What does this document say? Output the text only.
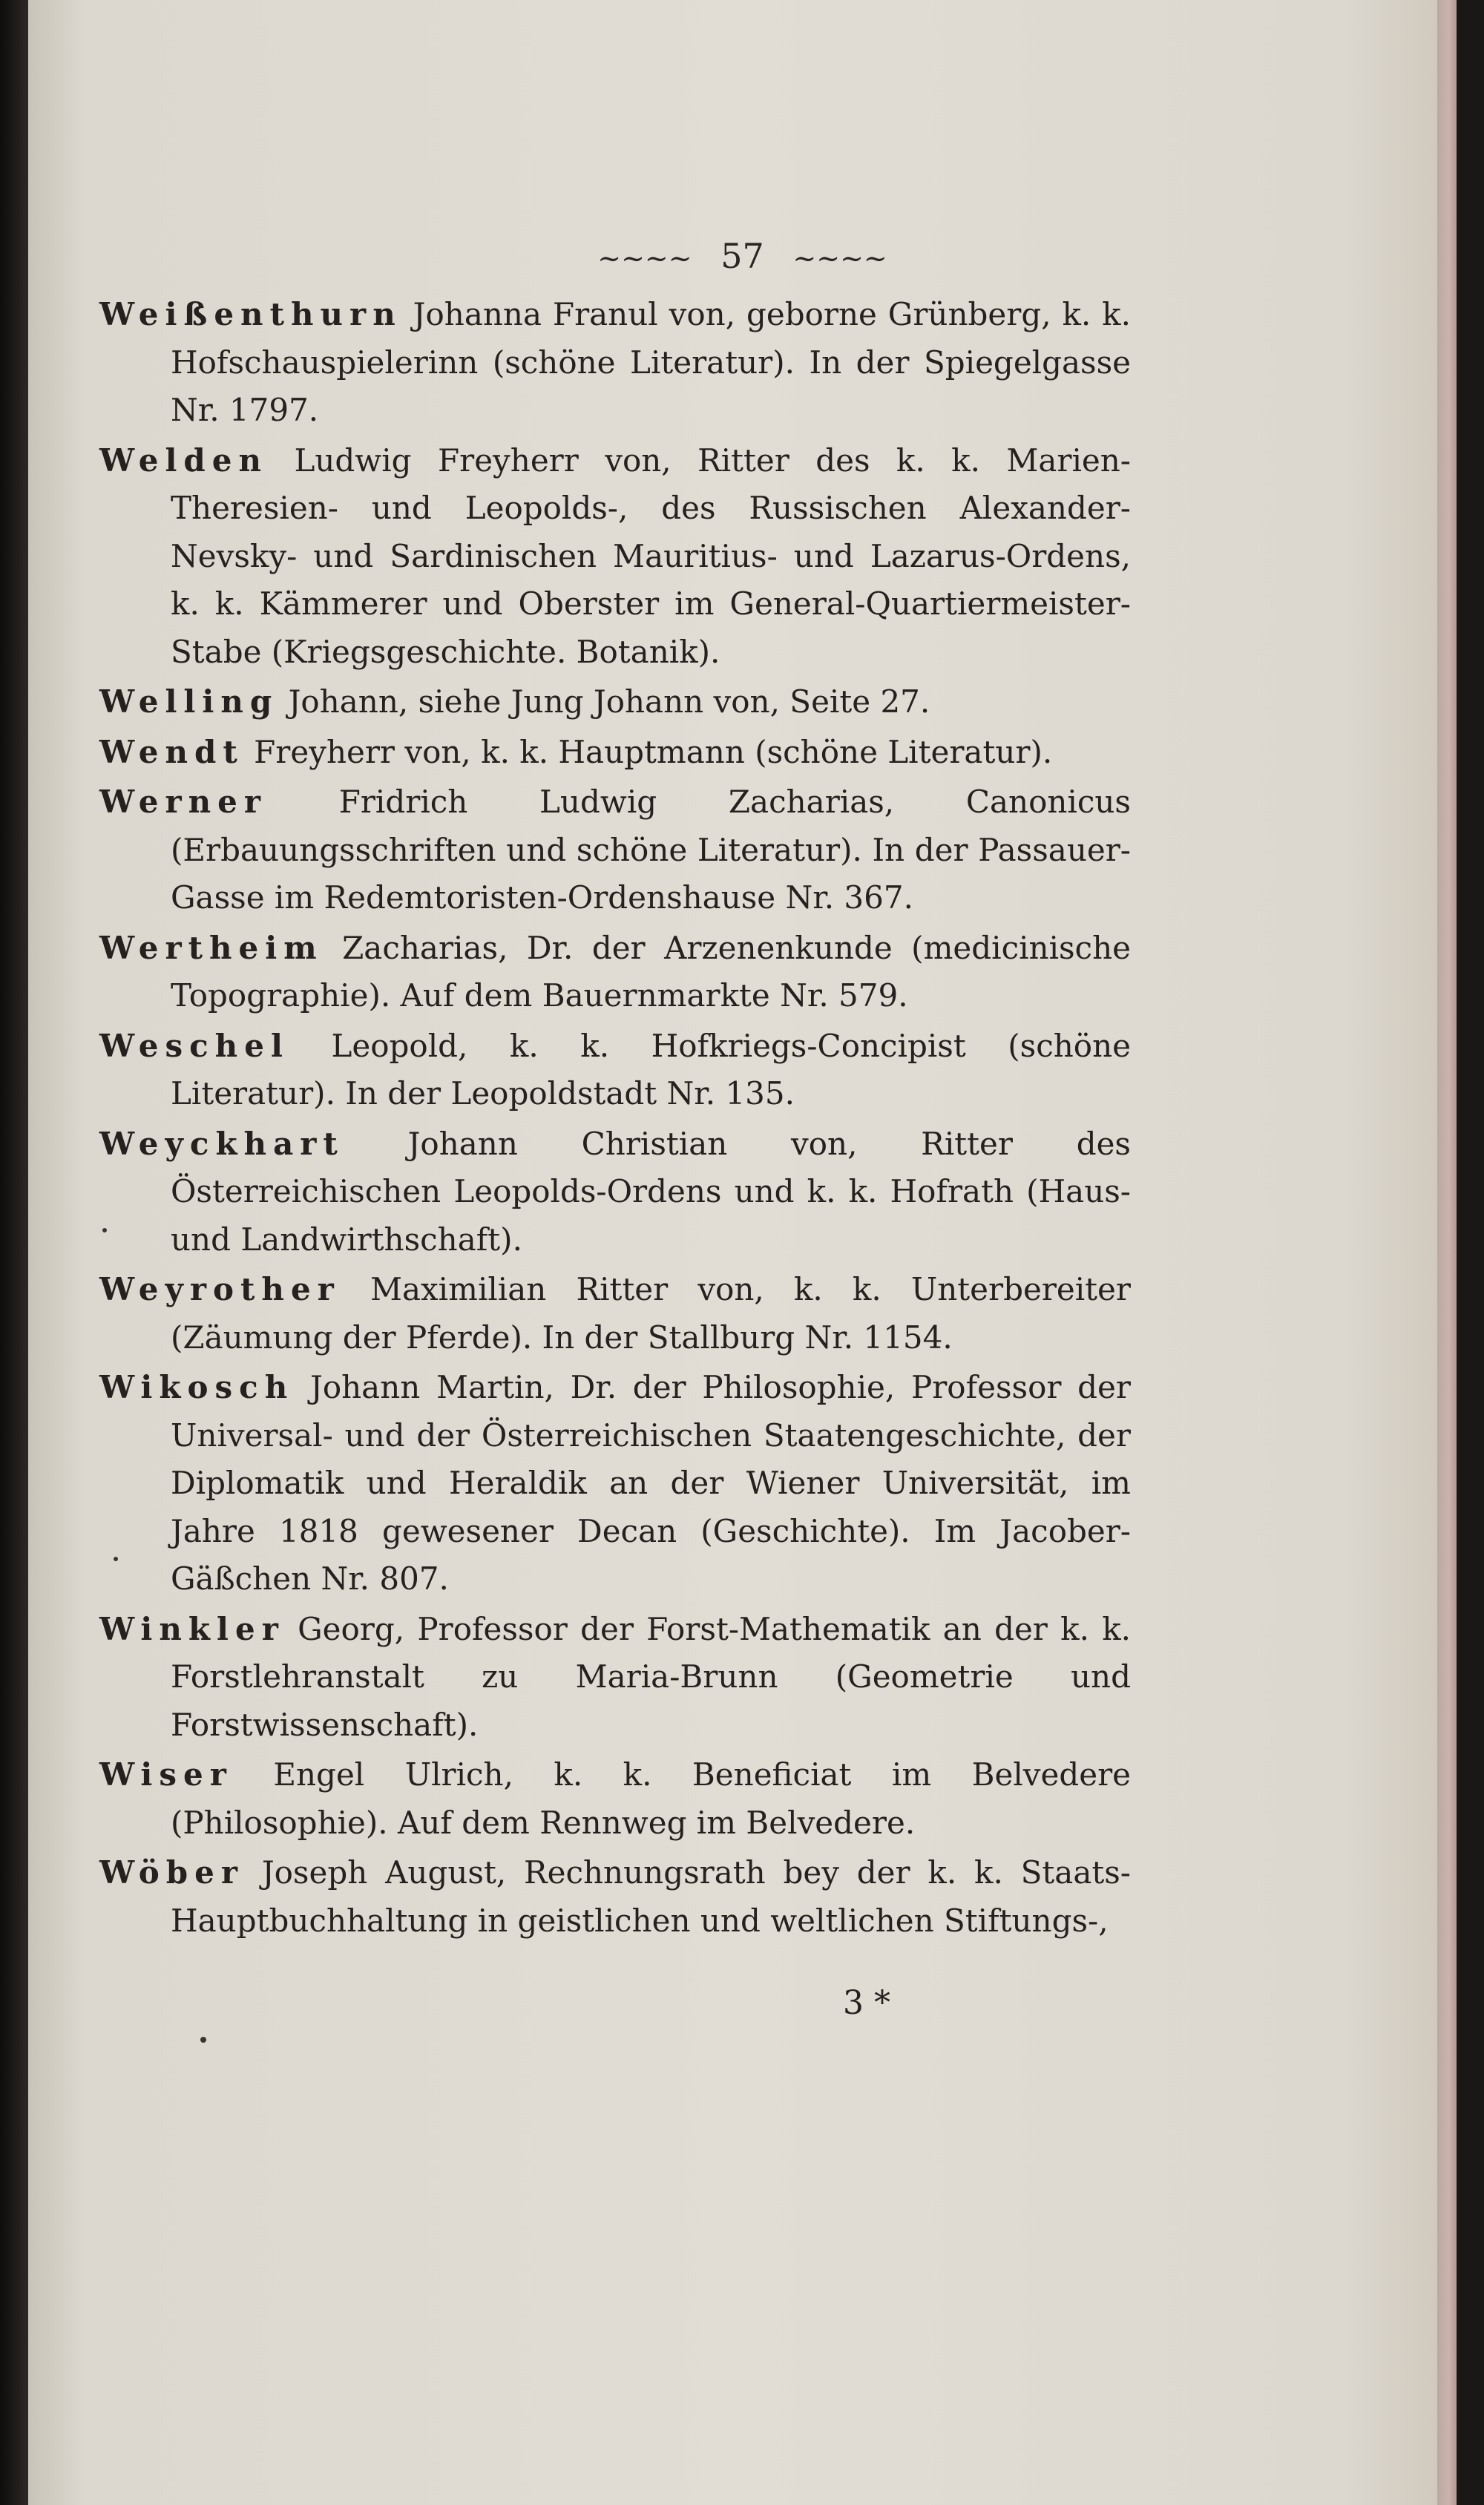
~~~~ 57 ~~~~

Weißenthurn Johanna Franul von, geborne Grünberg, k. k. Hofschauspielerinn (schöne Literatur). In der Spiegelgasse Nr. 1797.

Welden Ludwig Freyherr von, Ritter des k. k. Marien-Theresien- und Leopolds-, des Russischen Alexander-Nevsky- und Sardinischen Mauritius- und Lazarus-Ordens, k. k. Kämmerer und Oberster im General-Quartiermeister-Stabe (Kriegsgeschichte. Botanik).

Welling Johann, siehe Jung Johann von, Seite 27.

Wendt Freyherr von, k. k. Hauptmann (schöne Literatur).

Werner Fridrich Ludwig Zacharias, Canonicus (Erbauungsschriften und schöne Literatur). In der Passauer-Gasse im Redemtoristen-Ordenshause Nr. 367.

Wertheim Zacharias, Dr. der Arzenenkunde (medicinische Topographie). Auf dem Bauernmarkte Nr. 579.

Weschel Leopold, k. k. Hofkriegs-Concipist (schöne Literatur). In der Leopoldstadt Nr. 135.

Weyckhart Johann Christian von, Ritter des Österreichischen Leopolds-Ordens und k. k. Hofrath (Haus- und Landwirthschaft).

Weyrother Maximilian Ritter von, k. k. Unterbereiter (Zäumung der Pferde). In der Stallburg Nr. 1154.

Wikosch Johann Martin, Dr. der Philosophie, Professor der Universal- und der Österreichischen Staatengeschichte, der Diplomatik und Heraldik an der Wiener Universität, im Jahre 1818 gewesener Decan (Geschichte). Im Jacober-Gäßchen Nr. 807.

Winkler Georg, Professor der Forst-Mathematik an der k. k. Forstlehranstalt zu Maria-Brunn (Geometrie und Forstwissenschaft).

Wiser Engel Ulrich, k. k. Beneficiat im Belvedere (Philosophie). Auf dem Rennweg im Belvedere.

Wöber Joseph August, Rechnungsrath bey der k. k. Staats-Hauptbuchhaltung in geistlichen und weltlichen Stiftungs-,

3 *
